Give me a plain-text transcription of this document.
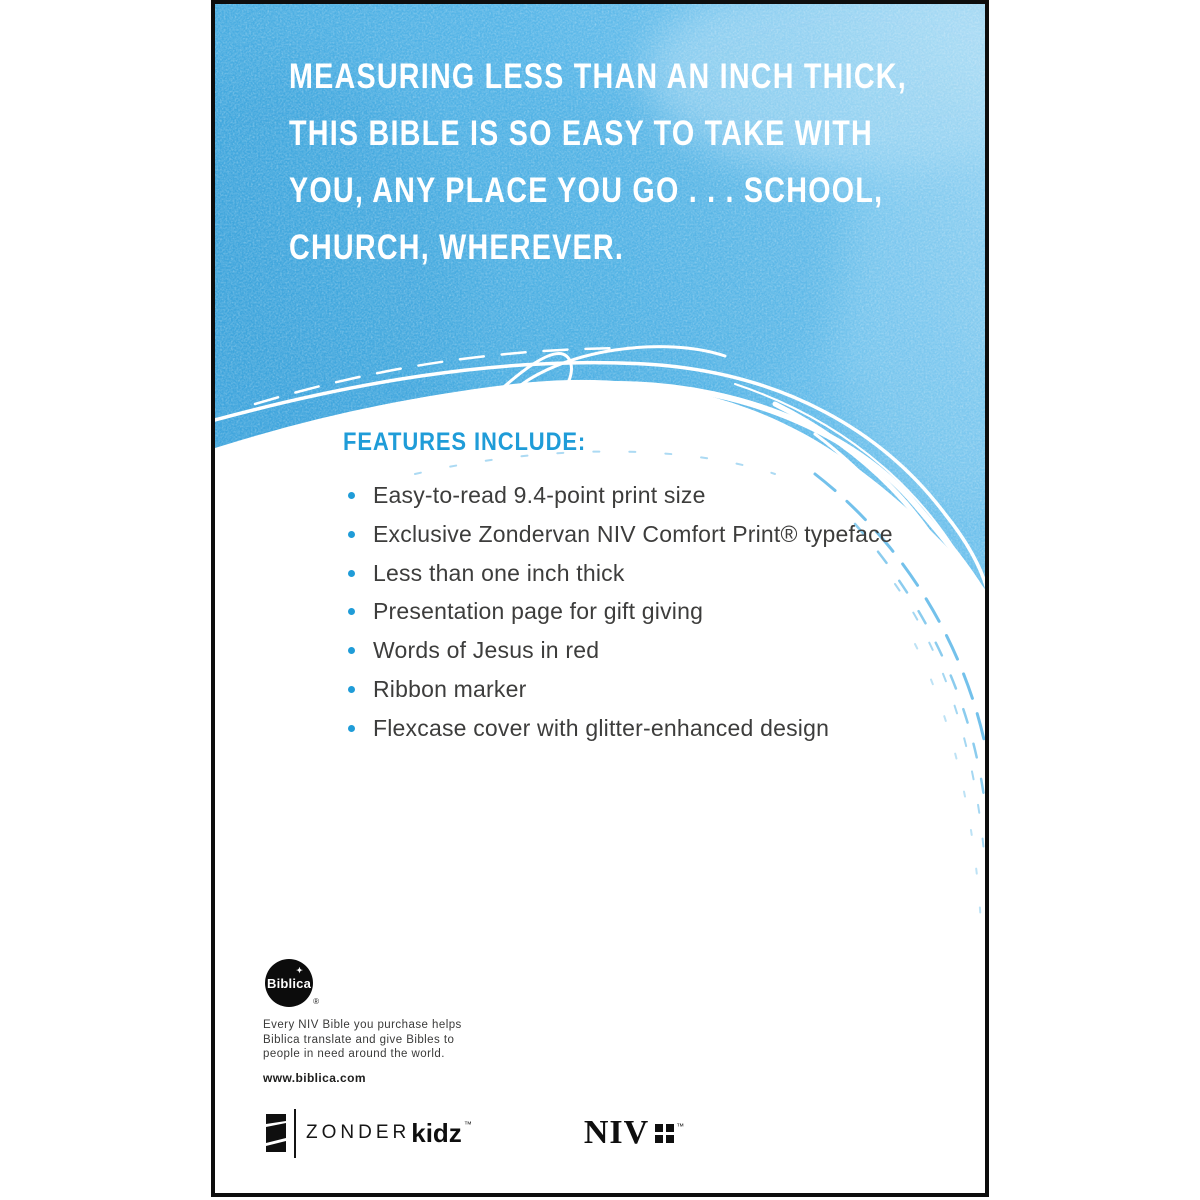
MEASURING LESS THAN AN INCH THICK,
THIS BIBLE IS SO EASY TO TAKE WITH
YOU, ANY PLACE YOU GO . . . SCHOOL,
CHURCH, WHEREVER.
FEATURES INCLUDE:
Easy-to-read 9.4-point print size
Exclusive Zondervan NIV Comfort Print® typeface
Less than one inch thick
Presentation page for gift giving
Words of Jesus in red
Ribbon marker
Flexcase cover with glitter-enhanced design
✦
Biblica
®
Every NIV Bible you purchase helps
Biblica translate and give Bibles to
people in need around the world.
www.biblica.com
ZONDER kidz ™	NIV	™
